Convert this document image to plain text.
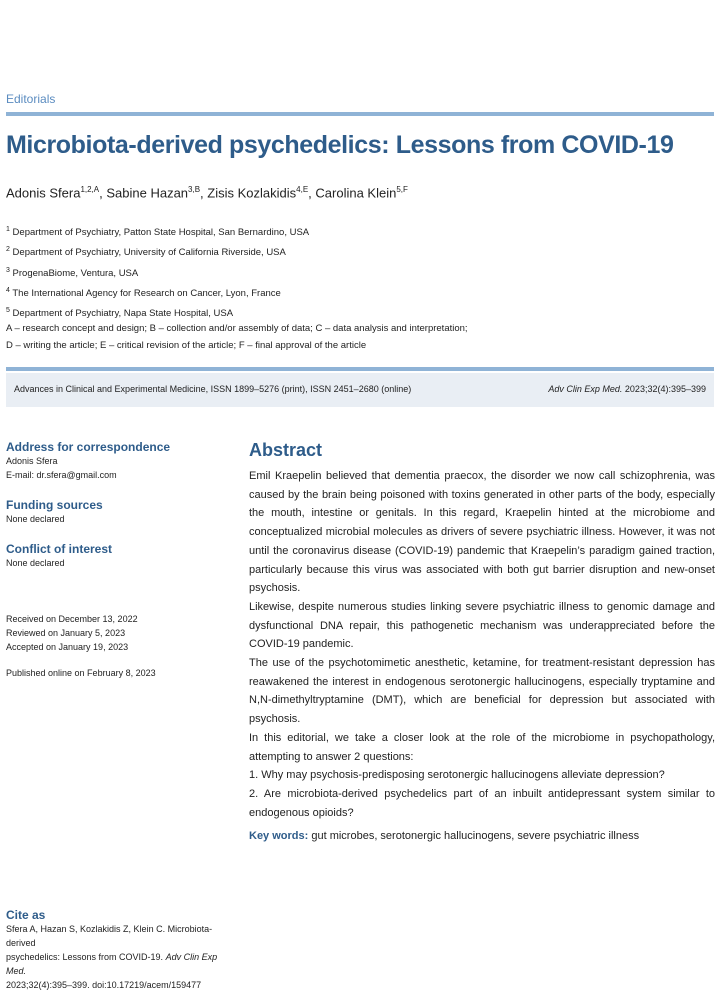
Editorials
Microbiota-derived psychedelics: Lessons from COVID-19
Adonis Sfera$^{1,2,A}$, Sabine Hazan$^{3,B}$, Zisis Kozlakidis$^{4,E}$, Carolina Klein$^{5,F}$
$^1$ Department of Psychiatry, Patton State Hospital, San Bernardino, USA
$^2$ Department of Psychiatry, University of California Riverside, USA
$^3$ ProgenaBiome, Ventura, USA
$^4$ The International Agency for Research on Cancer, Lyon, France
$^5$ Department of Psychiatry, Napa State Hospital, USA
A – research concept and design; B – collection and/or assembly of data; C – data analysis and interpretation;
D – writing the article; E – critical revision of the article; F – final approval of the article
Advances in Clinical and Experimental Medicine, ISSN 1899–5276 (print), ISSN 2451–2680 (online)	Adv Clin Exp Med. 2023;32(4):395–399

Address for correspondence

Adonis Sfera

E-mail: dr.sfera@gmail.com

Funding sources

None declared

Conflict of interest

None declared

Received on December 13, 2022

Reviewed on January 5, 2023

Accepted on January 19, 2023

Published online on February 8, 2023

Abstract

Emil Kraepelin believed that dementia praecox, the disorder we now call schizophrenia, was caused by the brain being poisoned with toxins generated in other parts of the body, especially the mouth, intestine or genitals. In this regard, Kraepelin hinted at the microbiome and conceptualized microbial molecules as drivers of severe psychiatric illness. However, it was not until the coronavirus disease (COVID-19) pandemic that Kraepelin’s paradigm gained traction, particularly because this virus was associated with both gut barrier disruption and new-onset psychosis.

Likewise, despite numerous studies linking severe psychiatric illness to genomic damage and dysfunctional DNA repair, this pathogenetic mechanism was underappreciated before the COVID-19 pandemic.

The use of the psychotomimetic anesthetic, ketamine, for treatment-resistant depression has reawakened the interest in endogenous serotonergic hallucinogens, especially tryptamine and N,N-dimethyltryptamine (DMT), which are beneficial for depression but associated with psychosis.

In this editorial, we take a closer look at the role of the microbiome in psychopathology, attempting to answer 2 questions:

1. Why may psychosis-predisposing serotonergic hallucinogens alleviate depression?

2. Are microbiota-derived psychedelics part of an inbuilt antidepressant system similar to endogenous opioids?

Key words: gut microbes, serotonergic hallucinogens, severe psychiatric illness

Cite as

Sfera A, Hazan S, Kozlakidis Z, Klein C. Microbiota-derived

psychedelics: Lessons from COVID-19. Adv Clin Exp Med.

2023;32(4):395–399. doi:10.17219/acem/159477
